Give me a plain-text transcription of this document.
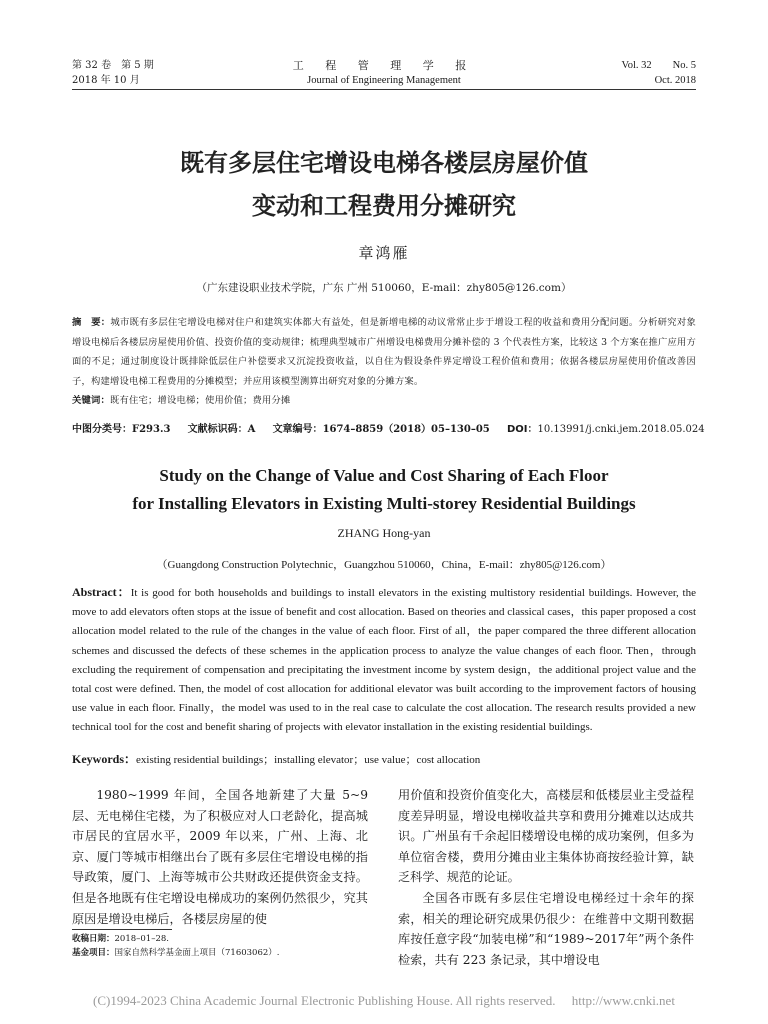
第 32 卷　第 5 期
2018 年 10 月
工 程 管 理 学 报
Journal of Engineering Management
Vol. 32　　No. 5
Oct. 2018
既有多层住宅增设电梯各楼层房屋价值
变动和工程费用分摊研究
章鸿雁
（广东建设职业技术学院，广东 广州 510060，E-mail：zhy805@126.com）
摘　要：城市既有多层住宅增设电梯对住户和建筑实体都大有益处，但是新增电梯的动议常常止步于增设工程的收益和费用分配问题。分析研究对象增设电梯后各楼层房屋使用价值、投资价值的变动规律；梳理典型城市广州增设电梯费用分摊补偿的 3 个代表性方案，比较这 3 个方案在推广应用方面的不足；通过制度设计既排除低层住户补偿要求又沉淀投资收益，以自住为假设条件界定增设工程价值和费用；依据各楼层房屋使用价值改善因子，构建增设电梯工程费用的分摊模型；并应用该模型测算出研究对象的分摊方案。
关键词：既有住宅；增设电梯；使用价值；费用分摊
中图分类号：F293.3 文献标识码：A 文章编号：1674–8859（2018）05–130–05 DOI：10.13991/j.cnki.jem.2018.05.024
Study on the Change of Value and Cost Sharing of Each Floor
for Installing Elevators in Existing Multi-storey Residential Buildings
ZHANG Hong-yan
（Guangdong Construction Polytechnic，Guangzhou 510060，China，E-mail：zhy805@126.com）
Abstract：It is good for both households and buildings to install elevators in the existing multistory residential buildings. However, the move to add elevators often stops at the issue of benefit and cost allocation. Based on theories and classical cases，this paper proposed a cost allocation model related to the rule of the changes in the value of each floor. First of all，the paper compared the three different allocation schemes and discussed the defects of these schemes in the application process to analyze the value changes of each floor. Then，through excluding the requirement of compensation and precipitating the investment income by system design，the additional project value and the total cost were defined. Then, the model of cost allocation for additional elevator was built according to the improvement factors of housing use value in each floor. Finally，the model was used to in the real case to calculate the cost allocation. The research results provided a new technical tool for the cost and benefit sharing of projects with elevator installation in the existing residential buildings.
Keywords：existing residential buildings；installing elevator；use value；cost allocation

1980~1999 年间，全国各地新建了大量 5~9 层、无电梯住宅楼，为了积极应对人口老龄化，提高城市居民的宜居水平，2009 年以来，广州、上海、北京、厦门等城市相继出台了既有多层住宅增设电梯的指导政策，厦门、上海等城市公共财政还提供资金支持。但是各地既有住宅增设电梯成功的案例仍然很少，究其原因是增设电梯后，各楼层房屋的使

用价值和投资价值变化大，高楼层和低楼层业主受益程度差异明显，增设电梯收益共享和费用分摊难以达成共识。广州虽有千余起旧楼增设电梯的成功案例，但多为单位宿舍楼，费用分摊由业主集体协商按经验计算，缺乏科学、规范的论证。

全国各市既有多层住宅增设电梯经过十余年的探索，相关的理论研究成果仍很少：在维普中文期刊数据库按任意字段“加装电梯”和“1989~2017年”两个条件检索，共有 223 条记录，其中增设电

收稿日期：2018–01–28.
基金项目：国家自然科学基金面上项目（71603062）.
(C)1994-2023 China Academic Journal Electronic Publishing House. All rights reserved.　 http://www.cnki.net
